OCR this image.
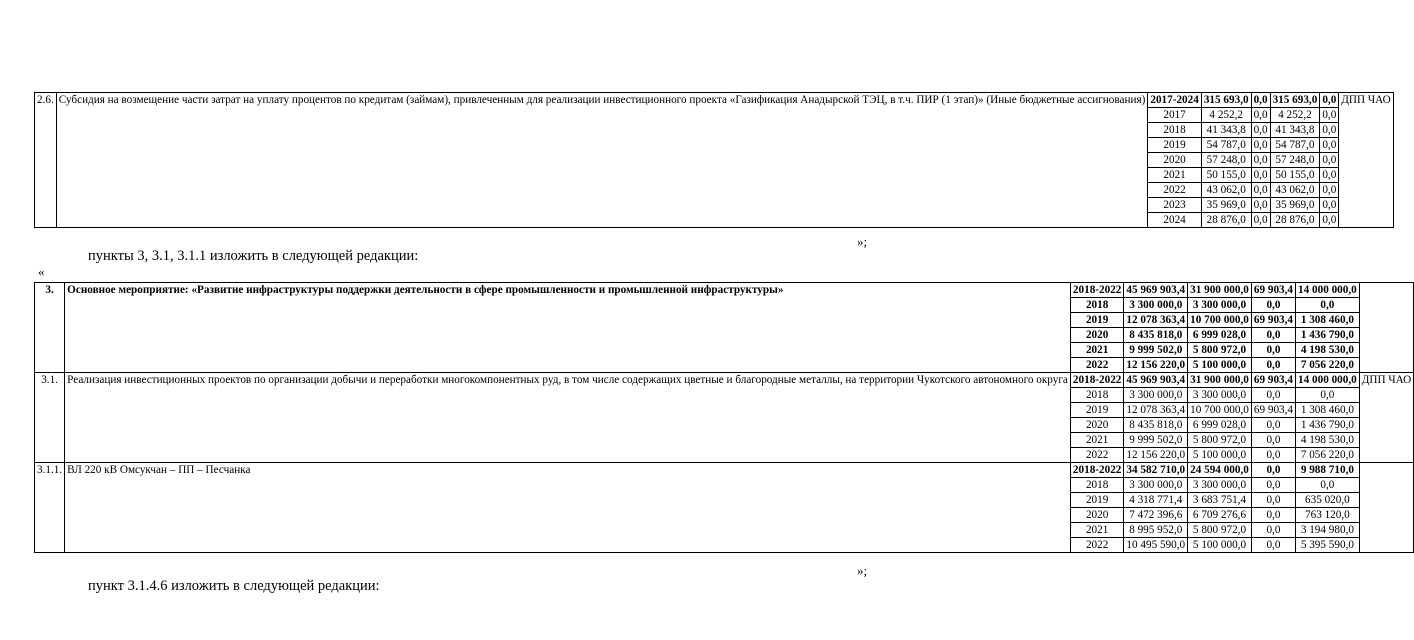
2.6.	Субсидия на возмещение части затрат на уплату процентов по кредитам (займам), привлеченным для реализации инвестиционного проекта «Газификация Анадырской ТЭЦ, в т.ч. ПИР (1 этап)» (Иные бюджетные ассигнования)	2017-2024	315 693,0	0,0	315 693,0	0,0	ДПП ЧАО
		2017	4 252,2	0,0	4 252,2	0,0	
		2018	41 343,8	0,0	41 343,8	0,0	
		2019	54 787,0	0,0	54 787,0	0,0	
		2020	57 248,0	0,0	57 248,0	0,0	
		2021	50 155,0	0,0	50 155,0	0,0	
		2022	43 062,0	0,0	43 062,0	0,0	
		2023	35 969,0	0,0	35 969,0	0,0	
		2024	28 876,0	0,0	28 876,0	0,0	
»;
пункты 3, 3.1, 3.1.1 изложить в следующей редакции:
«
3.	Основное мероприятие: «Развитие инфраструктуры поддержки деятельности в сфере промышленности и промышленной инфраструктуры»	2018-2022	45 969 903,4	31 900 000,0	69 903,4	14 000 000,0	
		2018	3 300 000,0	3 300 000,0	0,0	0,0	
		2019	12 078 363,4	10 700 000,0	69 903,4	1 308 460,0	
		2020	8 435 818,0	6 999 028,0	0,0	1 436 790,0	
		2021	9 999 502,0	5 800 972,0	0,0	4 198 530,0	
		2022	12 156 220,0	5 100 000,0	0,0	7 056 220,0	
3.1.	Реализация инвестиционных проектов по организации добычи и переработки многокомпонентных руд, в том числе содержащих цветные и благородные металлы, на территории Чукотского автономного округа	2018-2022	45 969 903,4	31 900 000,0	69 903,4	14 000 000,0	ДПП ЧАО
		2018	3 300 000,0	3 300 000,0	0,0	0,0	
		2019	12 078 363,4	10 700 000,0	69 903,4	1 308 460,0	
		2020	8 435 818,0	6 999 028,0	0,0	1 436 790,0	
		2021	9 999 502,0	5 800 972,0	0,0	4 198 530,0	
		2022	12 156 220,0	5 100 000,0	0,0	7 056 220,0	
3.1.1.	ВЛ 220 кВ Омсукчан – ПП – Песчанка	2018-2022	34 582 710,0	24 594 000,0	0,0	9 988 710,0	
		2018	3 300 000,0	3 300 000,0	0,0	0,0	
		2019	4 318 771,4	3 683 751,4	0,0	635 020,0	
		2020	7 472 396,6	6 709 276,6	0,0	763 120,0	
		2021	8 995 952,0	5 800 972,0	0,0	3 194 980,0	
		2022	10 495 590,0	5 100 000,0	0,0	5 395 590,0	
»;
пункт 3.1.4.6 изложить в следующей редакции:
